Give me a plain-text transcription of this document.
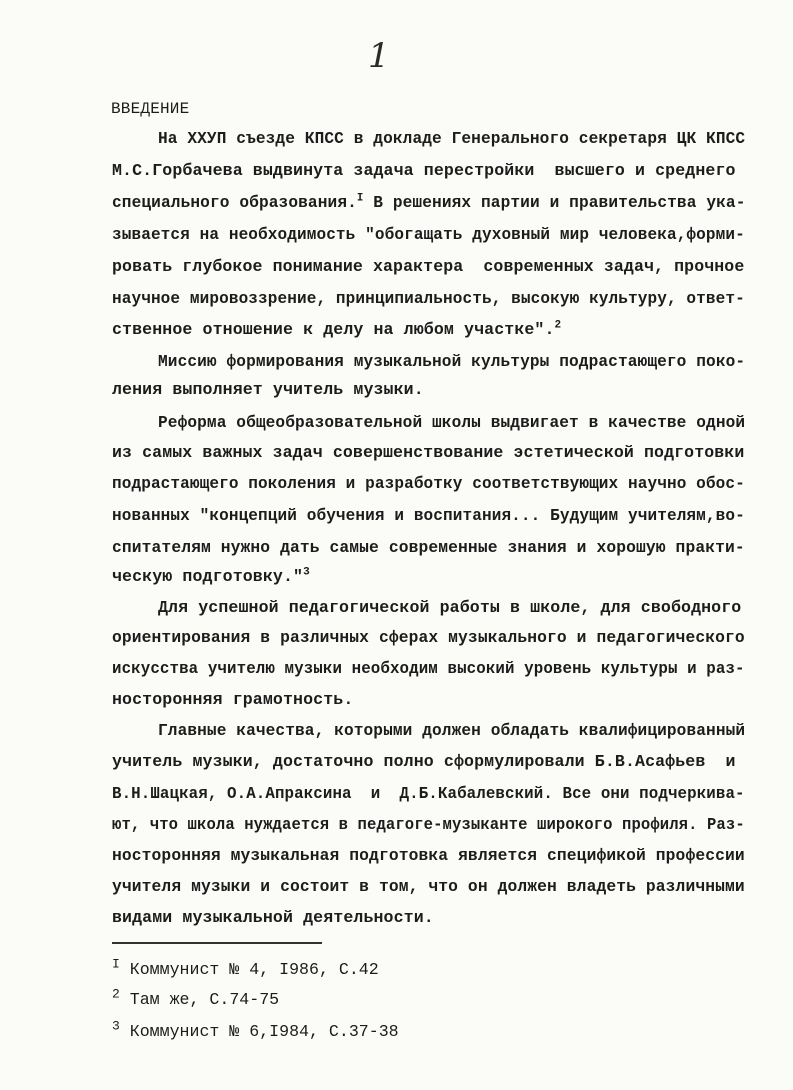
1
ВВЕДЕНИЕ
На ХХУП съезде КПСС в докладе Генерального секретаря ЦК КПСС
М.С.Горбачева выдвинута задача перестройки  высшего и среднего
специального образования.$^I$ В решениях партии и правительства ука-
зывается на необходимость "обогащать духовный мир человека,форми-
ровать глубокое понимание характера  современных задач, прочное
научное мировоззрение, принципиальность, высокую культуру, ответ-
ственное отношение к делу на любом участке".$^2$
Миссию формирования музыкальной культуры подрастающего поко-
ления выполняет учитель музыки.
Реформа общеобразовательной школы выдвигает в качестве одной
из самых важных задач совершенствование эстетической подготовки
подрастающего поколения и разработку соответствующих научно обос-
нованных "концепций обучения и воспитания... Будущим учителям,во-
спитателям нужно дать самые современные знания и хорошую практи-
ческую подготовку."$^3$
Для успешной педагогической работы в школе, для свободного
ориентирования в различных сферах музыкального и педагогического
искусства учителю музыки необходим высокий уровень культуры и раз-
носторонняя грамотность.
Главные качества, которыми должен обладать квалифицированный
учитель музыки, достаточно полно сформулировали Б.В.Асафьев  и
В.Н.Шацкая, О.А.Апраксина  и  Д.Б.Кабалевский. Все они подчеркива-
ют, что школа нуждается в педагоге-музыканте широкого профиля. Раз-
носторонняя музыкальная подготовка является спецификой профессии
учителя музыки и состоит в том, что он должен владеть различными
видами музыкальной деятельности.
$^I$ Коммунист № 4, I986, С.42
$^2$ Там же, С.74-75
$^3$ Коммунист № 6,I984, С.37-38
